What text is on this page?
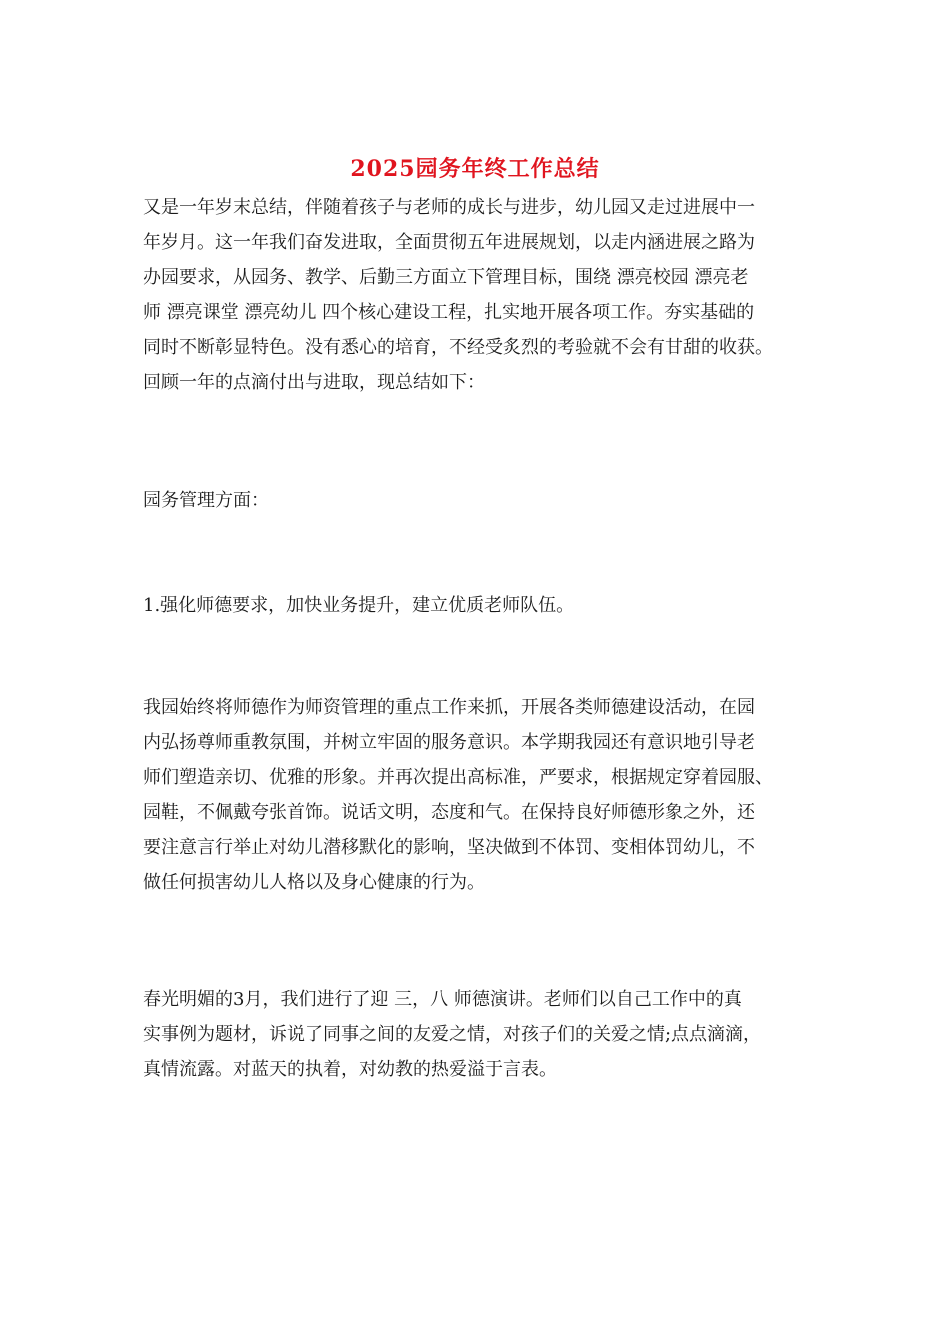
2025园务年终工作总结

又是一年岁末总结，伴随着孩子与老师的成长与进步，幼儿园又走过进展中一
年岁月。这一年我们奋发进取，全面贯彻五年进展规划，以走内涵进展之路为
办园要求，从园务、教学、后勤三方面立下管理目标，围绕 漂亮校园 漂亮老
师 漂亮课堂 漂亮幼儿 四个核心建设工程，扎实地开展各项工作。夯实基础的
同时不断彰显特色。没有悉心的培育，不经受炙烈的考验就不会有甘甜的收获。
回顾一年的点滴付出与进取，现总结如下：

园务管理方面：

1.强化师德要求，加快业务提升，建立优质老师队伍。

我园始终将师德作为师资管理的重点工作来抓，开展各类师德建设活动，在园
内弘扬尊师重教氛围，并树立牢固的服务意识。本学期我园还有意识地引导老
师们塑造亲切、优雅的形象。并再次提出高标准，严要求，根据规定穿着园服、
园鞋，不佩戴夸张首饰。说话文明，态度和气。在保持良好师德形象之外，还
要注意言行举止对幼儿潜移默化的影响，坚决做到不体罚、变相体罚幼儿，不
做任何损害幼儿人格以及身心健康的行为。

春光明媚的3月，我们进行了迎 三，八 师德演讲。老师们以自己工作中的真
实事例为题材，诉说了同事之间的友爱之情，对孩子们的关爱之情;点点滴滴，
真情流露。对蓝天的执着，对幼教的热爱溢于言表。
